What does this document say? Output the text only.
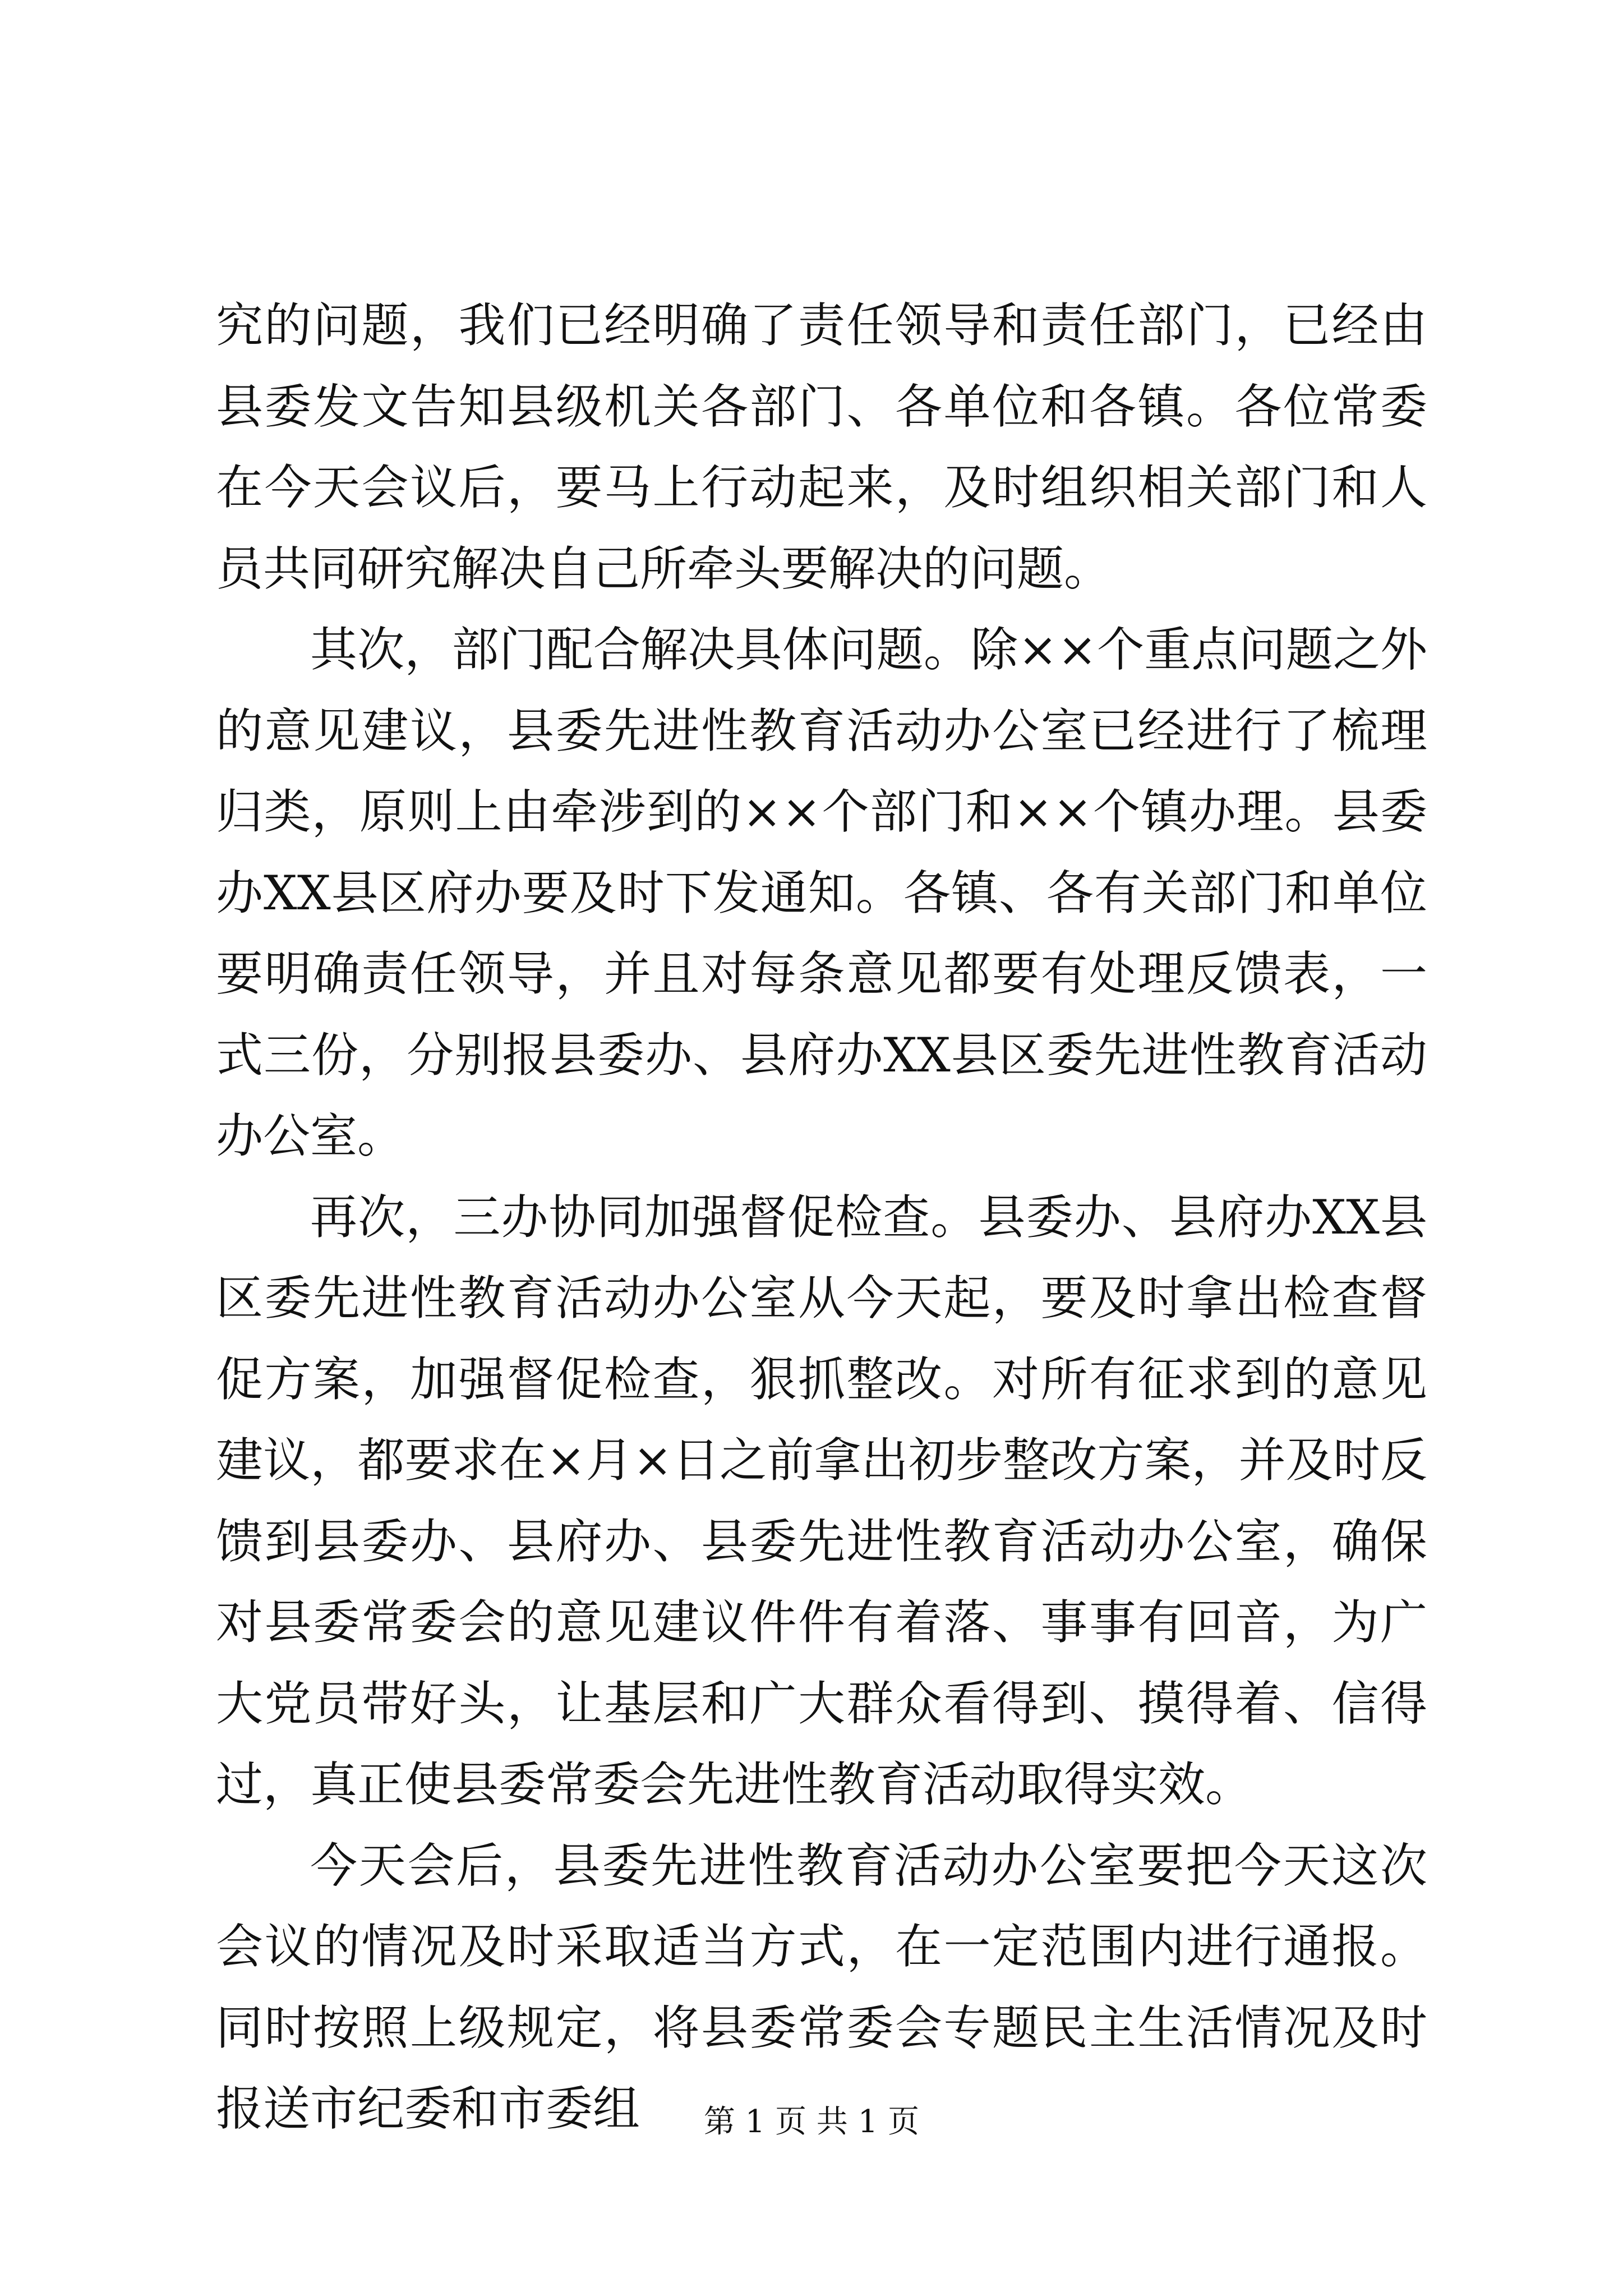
究的问题，我们已经明确了责任领导和责任部门，已经由县委发文告知县级机关各部门、各单位和各镇。各位常委在今天会议后，要马上行动起来，及时组织相关部门和人员共同研究解决自己所牵头要解决的问题。

其次，部门配合解决具体问题。除××个重点问题之外的意见建议，县委先进性教育活动办公室已经进行了梳理归类，原则上由牵涉到的××个部门和××个镇办理。县委办XX县区府办要及时下发通知。各镇、各有关部门和单位要明确责任领导，并且对每条意见都要有处理反馈表，一式三份，分别报县委办、县府办XX县区委先进性教育活动办公室。

再次，三办协同加强督促检查。县委办、县府办XX县区委先进性教育活动办公室从今天起，要及时拿出检查督促方案，加强督促检查，狠抓整改。对所有征求到的意见建议，都要求在×月×日之前拿出初步整改方案，并及时反馈到县委办、县府办、县委先进性教育活动办公室，确保对县委常委会的意见建议件件有着落、事事有回音，为广大党员带好头，让基层和广大群众看得到、摸得着、信得过，真正使县委常委会先进性教育活动取得实效。

今天会后，县委先进性教育活动办公室要把今天这次会议的情况及时采取适当方式，在一定范围内进行通报。同时按照上级规定，将县委常委会专题民主生活情况及时报送市纪委和市委组	第 1 页 共 1 页
